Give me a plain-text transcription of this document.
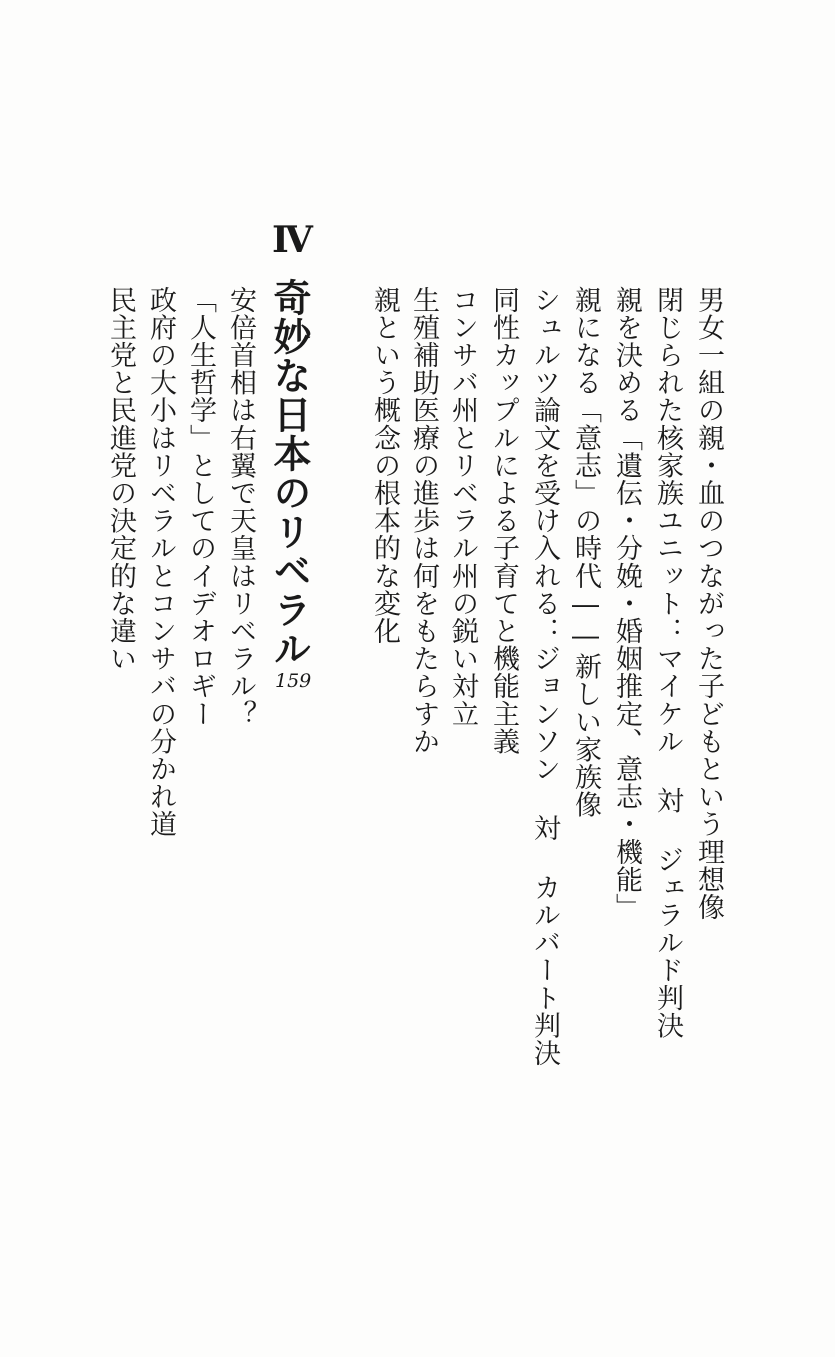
男女一組の親・血のつながった子どもという理想像
閉じられた核家族ユニット：マイケル 対 ジェラルド判決
親を決める「遺伝・分娩・婚姻推定、意志・機能」
親になる「意志」の時代――新しい家族像
シュルツ論文を受け入れる：ジョンソン 対 カルバート判決
同性カップルによる子育てと機能主義
コンサバ州とリベラル州の鋭い対立
生殖補助医療の進歩は何をもたらすか
親という概念の根本的な変化
Ⅳ
奇妙な日本のリベラル
159
安倍首相は右翼で天皇はリベラル？
「人生哲学」としてのイデオロギー
政府の大小はリベラルとコンサバの分かれ道
民主党と民進党の決定的な違い
